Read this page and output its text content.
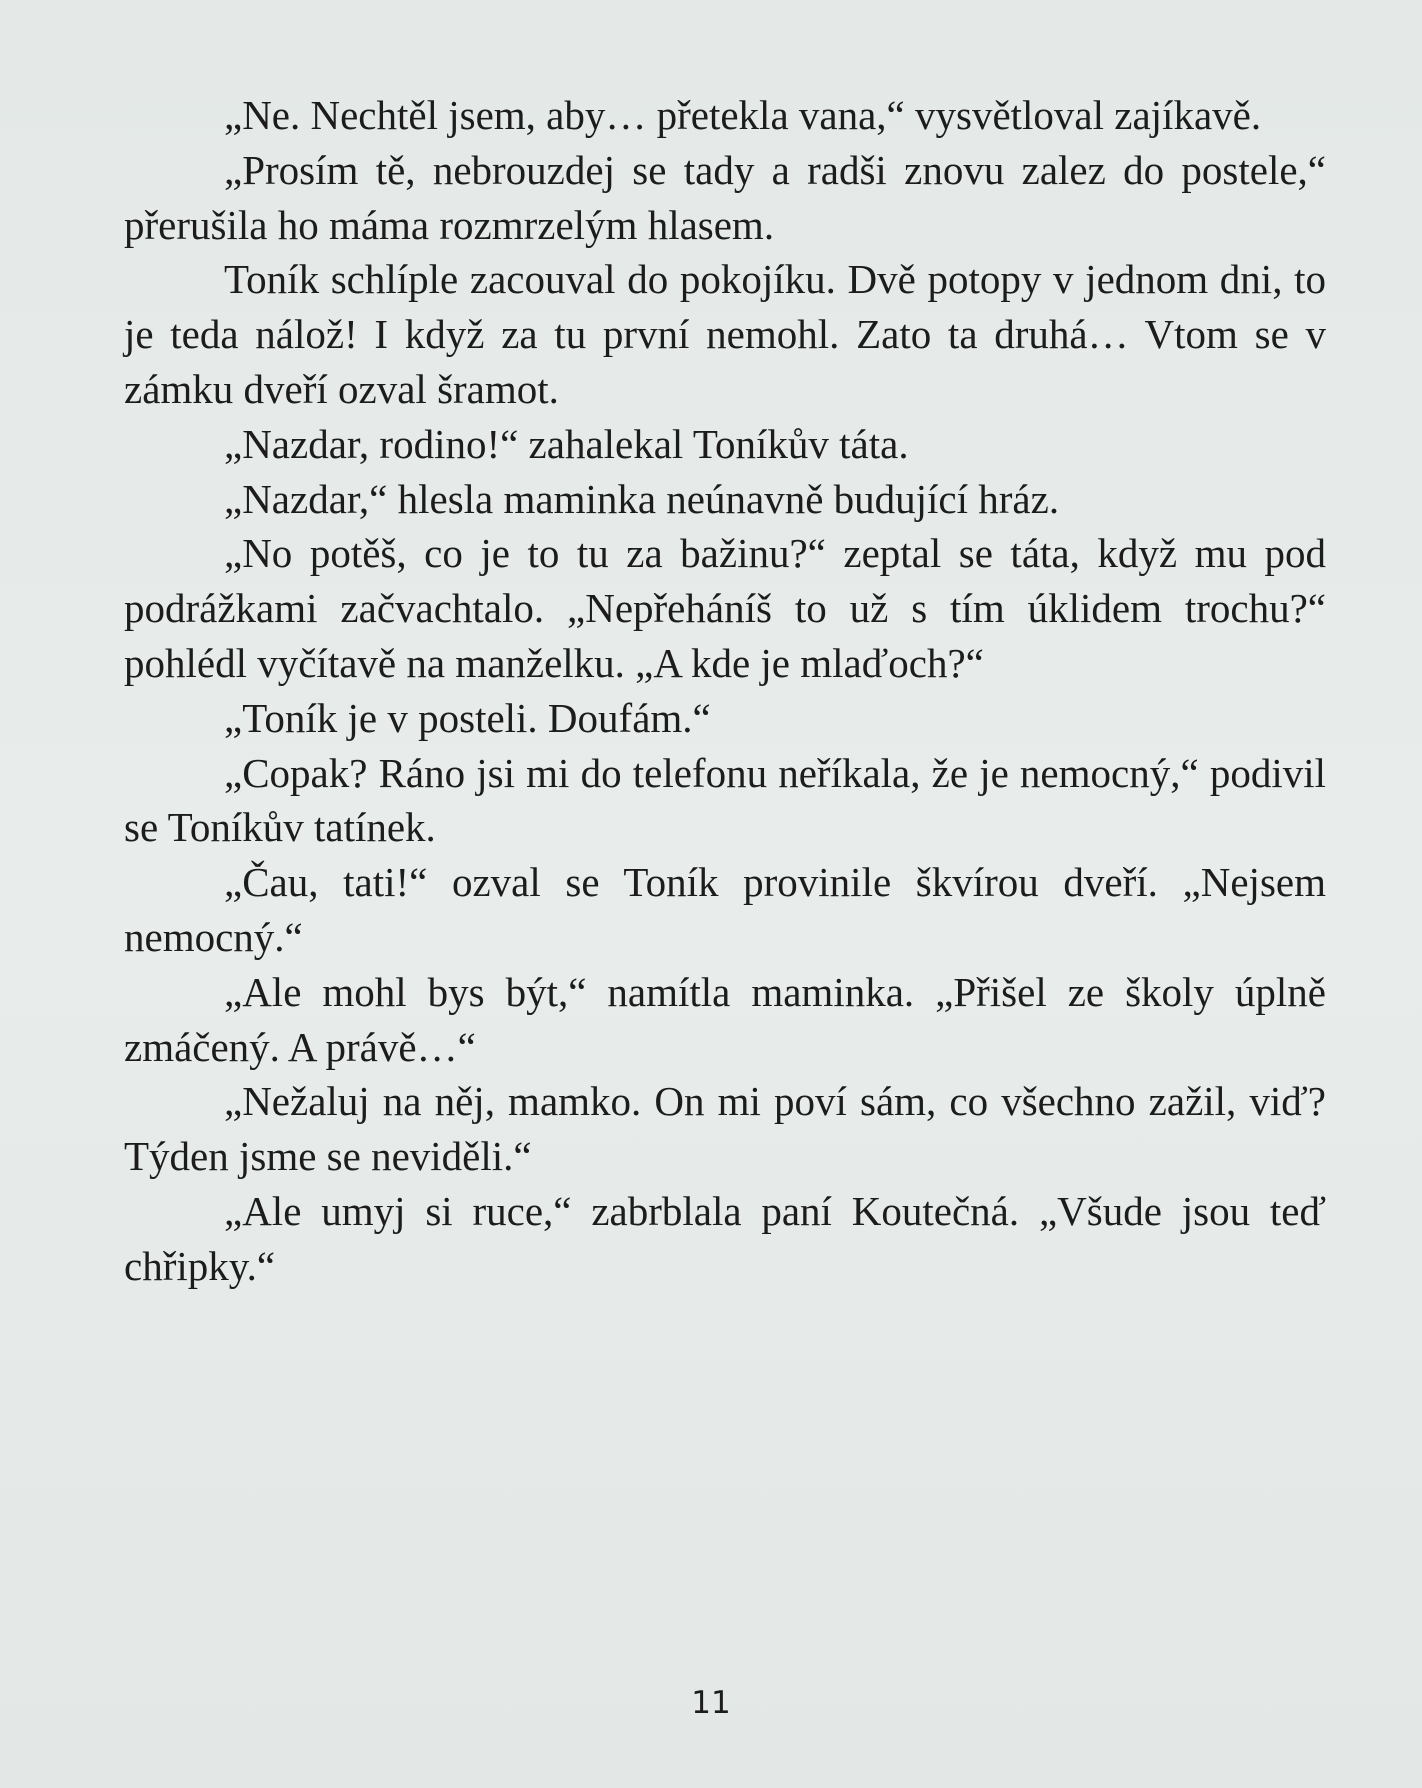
„Ne. Nechtěl jsem, aby… přetekla vana,“ vysvětloval zajíkavě.

„Prosím tě, nebrouzdej se tady a radši znovu zalez do postele,“ přerušila ho máma rozmrzelým hlasem.

Toník schlíple zacouval do pokojíku. Dvě potopy v jednom dni, to je teda nálož! I když za tu první nemohl. Zato ta druhá… Vtom se v zámku dveří ozval šramot.

„Nazdar, rodino!“ zahalekal Toníkův táta.

„Nazdar,“ hlesla maminka neúnavně budující hráz.

„No potěš, co je to tu za bažinu?“ zeptal se táta, když mu pod podrážkami začvachtalo. „Nepřeháníš to už s tím úklidem trochu?“ pohlédl vyčítavě na manželku. „A kde je mlaďoch?“

„Toník je v posteli. Doufám.“

„Copak? Ráno jsi mi do telefonu neříkala, že je nemocný,“ podivil se Toníkův tatínek.

„Čau, tati!“ ozval se Toník provinile škvírou dveří. „Nejsem nemocný.“

„Ale mohl bys být,“ namítla maminka. „Přišel ze školy úplně zmáčený. A právě…“

„Nežaluj na něj, mamko. On mi poví sám, co všechno zažil, viď? Týden jsme se neviděli.“

„Ale umyj si ruce,“ zabrblala paní Koutečná. „Všude jsou teď chřipky.“

11
